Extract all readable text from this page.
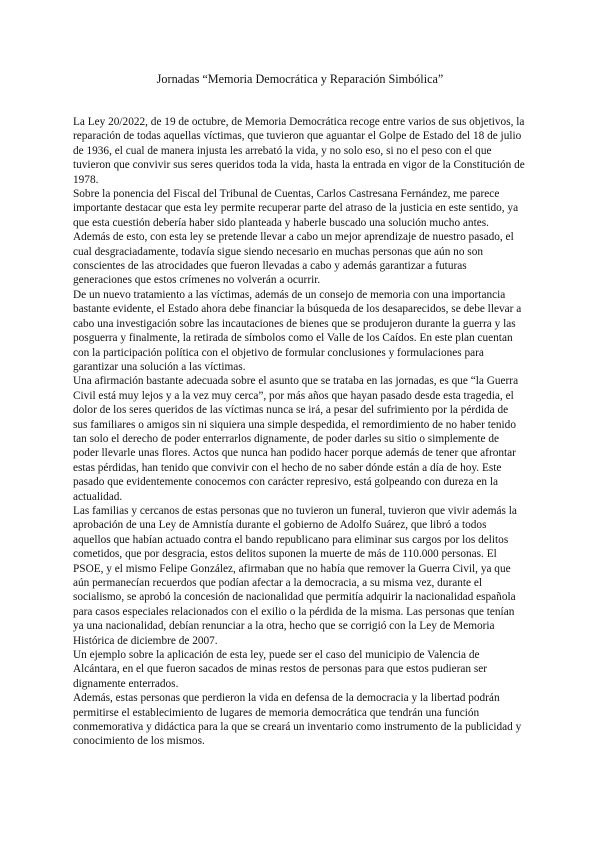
Jornadas “Memoria Democrática y Reparación Simbólica”

La Ley 20/2022, de 19 de octubre, de Memoria Democrática recoge entre varios de sus objetivos, la reparación de todas aquellas víctimas, que tuvieron que aguantar el Golpe de Estado del 18 de julio de 1936, el cual de manera injusta les arrebató la vida, y no solo eso, si no el peso con el que tuvieron que convivir sus seres queridos toda la vida, hasta la entrada en vigor de la Constitución de 1978.

Sobre la ponencia del Fiscal del Tribunal de Cuentas, Carlos Castresana Fernández, me parece importante destacar que esta ley permite recuperar parte del atraso de la justicia en este sentido, ya que esta cuestión debería haber sido planteada y haberle buscado una solución mucho antes.

Además de esto, con esta ley se pretende llevar a cabo un mejor aprendizaje de nuestro pasado, el cual desgraciadamente, todavía sigue siendo necesario en muchas personas que aún no son conscientes de las atrocidades que fueron llevadas a cabo y además garantizar a futuras generaciones que estos crímenes no volverán a ocurrir.

De un nuevo tratamiento a las víctimas, además de un consejo de memoria con una importancia bastante evidente, el Estado ahora debe financiar la búsqueda de los desaparecidos, se debe llevar a cabo una investigación sobre las incautaciones de bienes que se produjeron durante la guerra y las posguerra y finalmente, la retirada de símbolos como el Valle de los Caídos. En este plan cuentan con la participación política con el objetivo de formular conclusiones y formulaciones para garantizar una solución a las víctimas.

Una afirmación bastante adecuada sobre el asunto que se trataba en las jornadas, es que “la Guerra Civil está muy lejos y a la vez muy cerca”, por más años que hayan pasado desde esta tragedia, el dolor de los seres queridos de las víctimas nunca se irá, a pesar del sufrimiento por la pérdida de sus familiares o amigos sin ni siquiera una simple despedida, el remordimiento de no haber tenido tan solo el derecho de poder enterrarlos dignamente, de poder darles su sitio o simplemente de poder llevarle unas flores. Actos que nunca han podido hacer porque además de tener que afrontar estas pérdidas, han tenido que convivir con el hecho de no saber dónde están a día de hoy. Este pasado que evidentemente conocemos con carácter represivo, está golpeando con dureza en la actualidad.

Las familias y cercanos de estas personas que no tuvieron un funeral, tuvieron que vivir además la aprobación de una Ley de Amnistía durante el gobierno de Adolfo Suárez, que libró a todos aquellos que habían actuado contra el bando republicano para eliminar sus cargos por los delitos cometidos, que por desgracia, estos delitos suponen la muerte de más de 110.000 personas. El PSOE, y el mismo Felipe González, afirmaban que no había que remover la Guerra Civil, ya que aún permanecían recuerdos que podían afectar a la democracia, a su misma vez, durante el socialismo, se aprobó la concesión de nacionalidad que permitía adquirir la nacionalidad española para casos especiales relacionados con el exilio o la pérdida de la misma. Las personas que tenían ya una nacionalidad, debían renunciar a la otra, hecho que se corrigió con la Ley de Memoria Histórica de diciembre de 2007.

Un ejemplo sobre la aplicación de esta ley, puede ser el caso del municipio de Valencia de Alcántara, en el que fueron sacados de minas restos de personas para que estos pudieran ser dignamente enterrados.

Además, estas personas que perdieron la vida en defensa de la democracia y la libertad podrán permitirse el establecimiento de lugares de memoria democrática que tendrán una función conmemorativa y didáctica para la que se creará un inventario como instrumento de la publicidad y conocimiento de los mismos.
